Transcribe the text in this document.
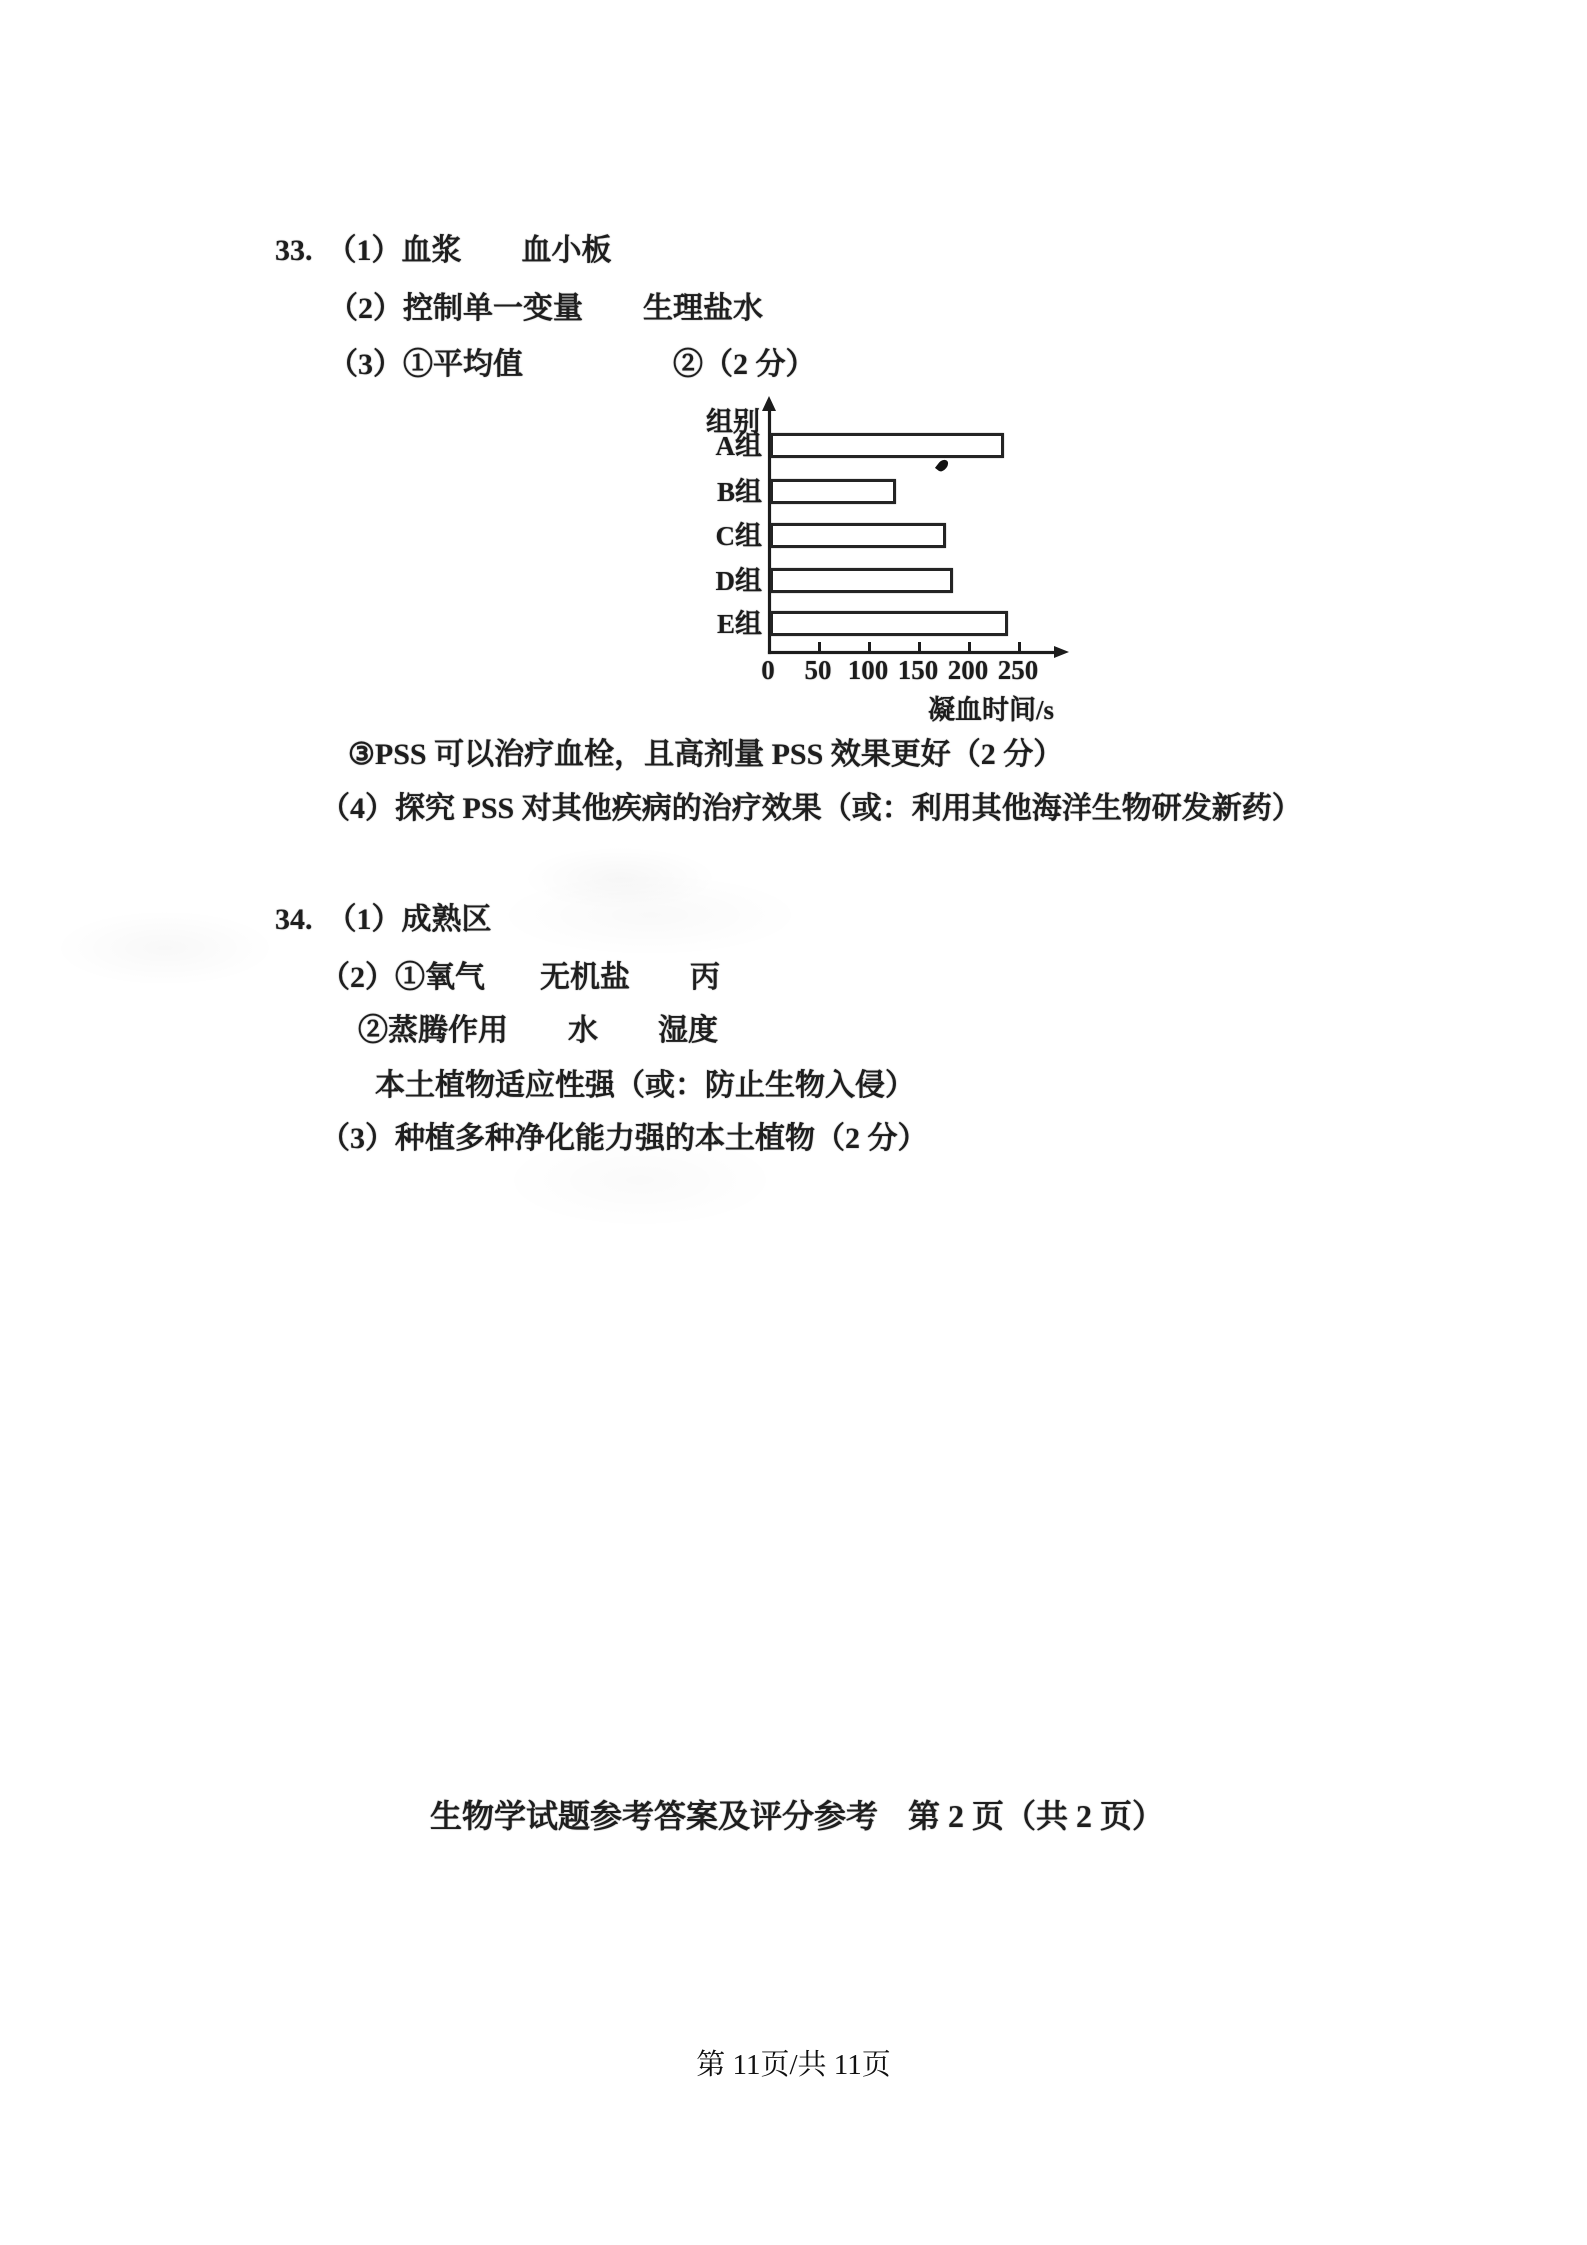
33. （1）血浆 血小板
（2）控制单一变量 生理盐水
（3）①平均值	②（2 分）
组别
凝血时间/s
A组
B组
C组
D组
E组
0	50 100 150 200 250
③PSS 可以治疗血栓，且高剂量 PSS 效果更好（2 分）
（4）探究 PSS 对其他疾病的治疗效果（或：利用其他海洋生物研发新药）
34. （1）成熟区
（2）①氧气 无机盐 丙
②蒸腾作用 水 湿度
本土植物适应性强（或：防止生物入侵）
（3）种植多种净化能力强的本土植物（2 分）
生物学试题参考答案及评分参考 第 2 页（共 2 页）
第 11页/共 11页
